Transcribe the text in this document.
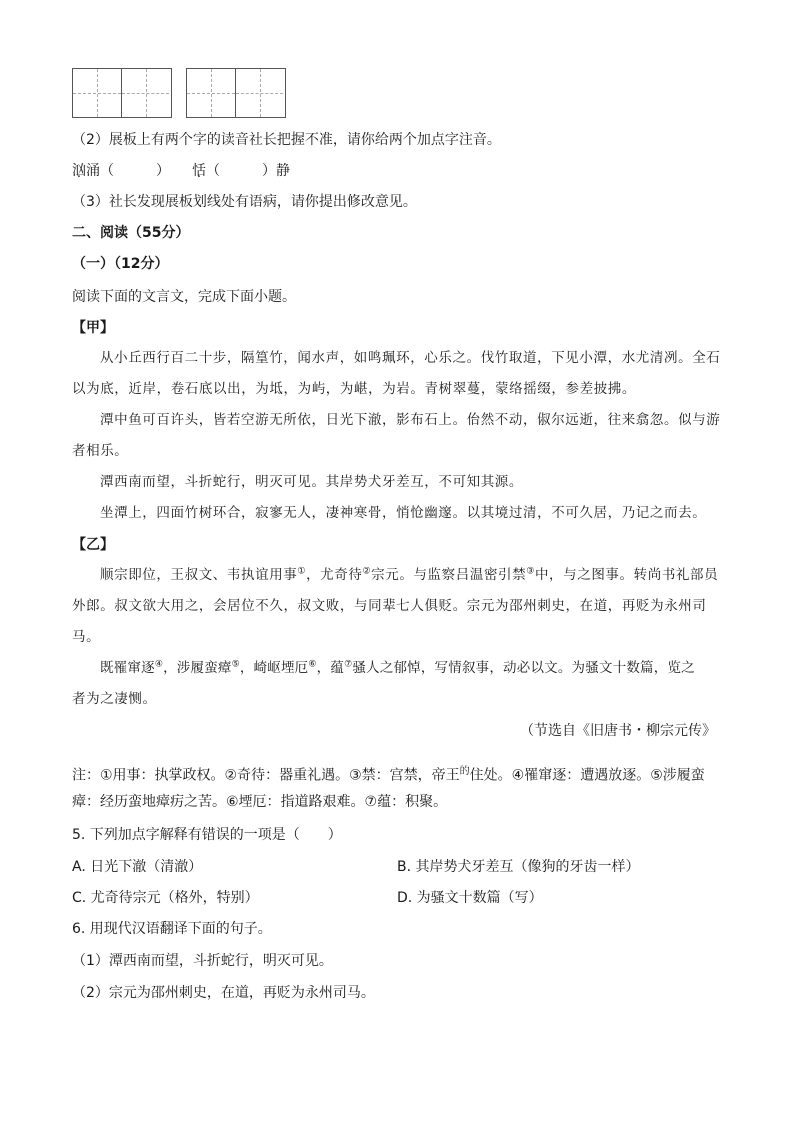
（2）展板上有两个字的读音社长把握不准，请你给两个加点字注音。
汹涌（　　　） 恬（　　　）静
（3）社长发现展板划线处有语病，请你提出修改意见。
二、阅读（55分）
（一）（12分）
阅读下面的文言文，完成下面小题。
【甲】
从小丘西行百二十步，隔篁竹，闻水声，如鸣珮环，心乐之。伐竹取道，下见小潭，水尤清冽。全石
以为底，近岸，卷石底以出，为坻，为屿，为嵁，为岩。青树翠蔓，蒙络摇缀，参差披拂。
潭中鱼可百许头，皆若空游无所依，日光下澈，影布石上。佁然不动，俶尔远逝，往来翕忽。似与游
者相乐。
潭西南而望，斗折蛇行，明灭可见。其岸势犬牙差互，不可知其源。
坐潭上，四面竹树环合，寂寥无人，凄神寒骨，悄怆幽邃。以其境过清，不可久居，乃记之而去。
【乙】
顺宗即位，王叔文、韦执谊用事①，尤奇待②宗元。与监察吕温密引禁③中，与之图事。转尚书礼部员
外郎。叔文欲大用之，会居位不久，叔文败，与同辈七人俱贬。宗元为邵州刺史，在道，再贬为永州司
马。
既罹窜逐④，涉履蛮瘴⑤，崎岖堙厄⑥，蕴⑦骚人之郁悼，写情叙事，动必以文。为骚文十数篇，览之
者为之凄恻。
（节选自《旧唐书・柳宗元传》
注：①用事：执掌政权。②奇待：器重礼遇。③禁：宫禁，帝王$^的$住处。④罹窜逐：遭遇放逐。⑤涉履蛮
瘴：经历蛮地瘴疠之苦。⑥堙厄：指道路艰难。⑦蕴：积聚。
5. 下列加点字解释有错误的一项是（　　）
A. 日光下澈（清澈）	B. 其岸势犬牙差互（像狗的牙齿一样）
C. 尤奇待宗元（格外，特别）	D. 为骚文十数篇（写）
6. 用现代汉语翻译下面的句子。
（1）潭西南而望，斗折蛇行，明灭可见。
（2）宗元为邵州刺史，在道，再贬为永州司马。
